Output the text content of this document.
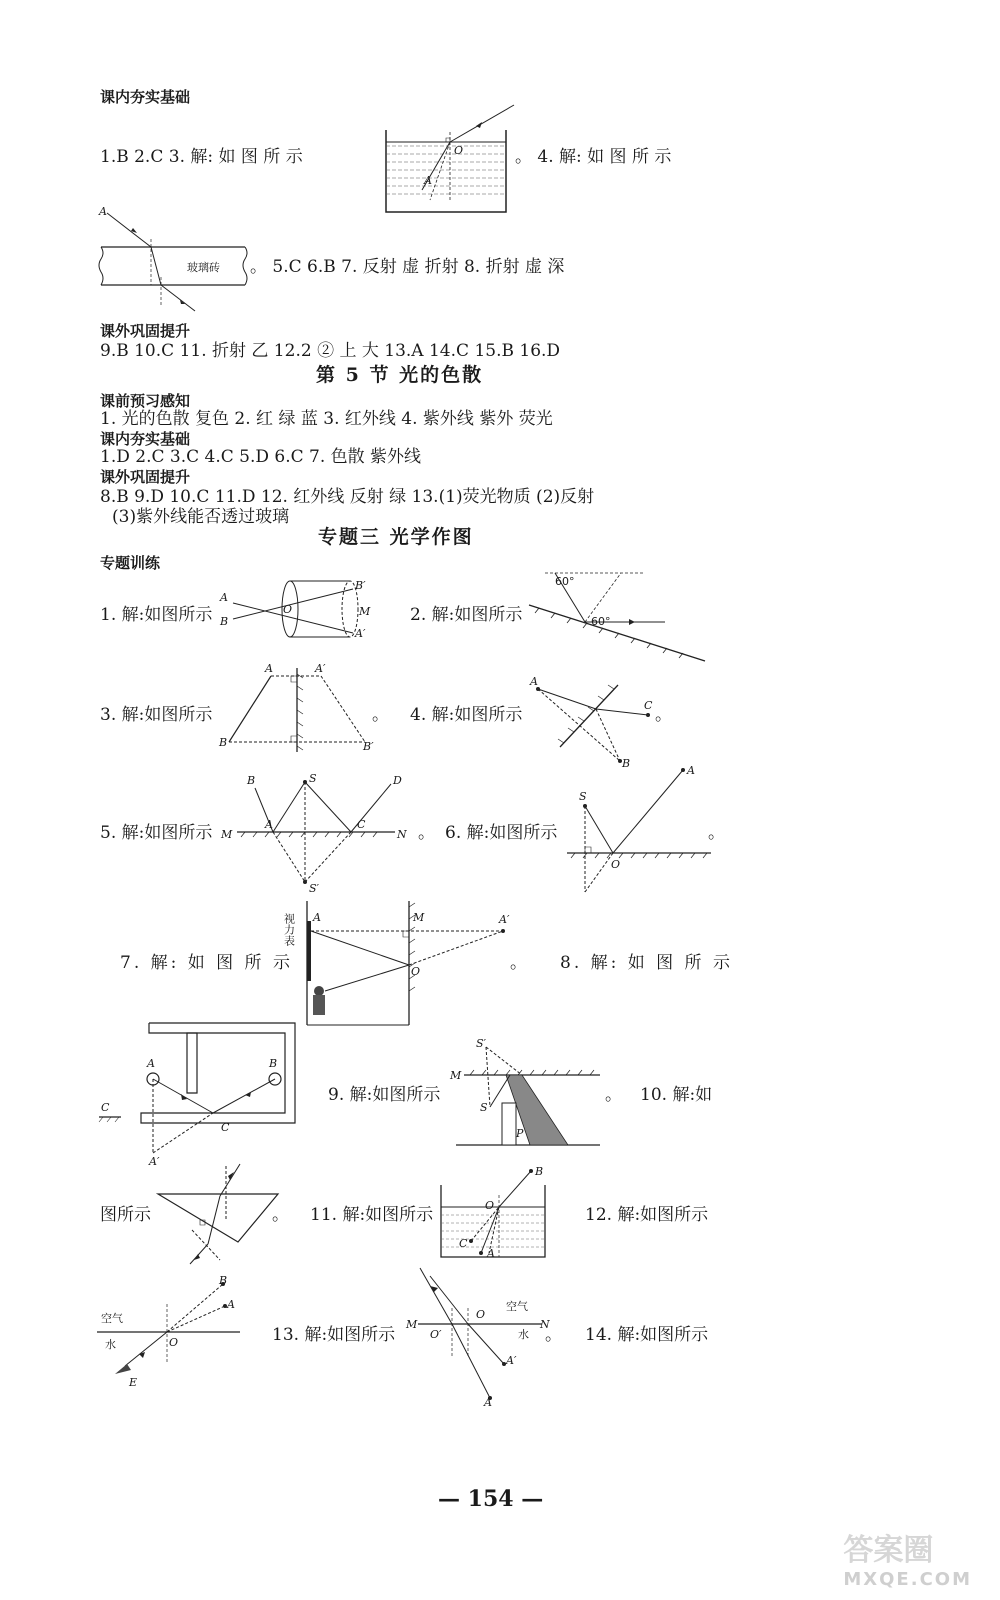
课内夯实基础
1.B 2.C 3. 解: 如 图 所 示	。 4. 解: 如 图 所 示
O
A
A
玻璃砖 。 5.C 6.B 7. 反射 虚 折射 8. 折射 虚 深
课外巩固提升
9.B 10.C 11. 折射 乙 12.2 ② 上 大 13.A 14.C 15.B 16.D
第 5 节 光的色散
课前预习感知
1. 光的色散 复色 2. 红 绿 蓝 3. 红外线 4. 紫外线 紫外 荧光
课内夯实基础
1.D 2.C 3.C 4.C 5.D 6.C 7. 色散 紫外线
课外巩固提升
8.B 9.D 10.C 11.D 12. 红外线 反射 绿 13.(1)荧光物质 (2)反射
(3)紫外线能否透过玻璃
专题三 光学作图
专题训练
1. 解:如图所示
A
B
O
B′
M
A′
2. 解:如图所示
60°
60°
3. 解:如图所示
A	A′
B	B′
。 4. 解:如图所示
A
C
B
。
5. 解:如图所示
B	S	D
A	C
M	N
S′
。 6. 解:如图所示
S
A
O
。
7. 解: 如 图 所 示
视力表 A	M	A′
O	。 8. 解: 如 图 所 示
A	B
C
C
A′
9. 解:如图所示
S′
M
S
P
。 10. 解:如
图所示	。 11. 解:如图所示
B
O
C
A
12. 解:如图所示
空气
水
B
A
O
E
13. 解:如图所示
空气
水
M	N
O
O′
A′
A
。 14. 解:如图所示
— 154 —
答案圈
MXQE.COM
